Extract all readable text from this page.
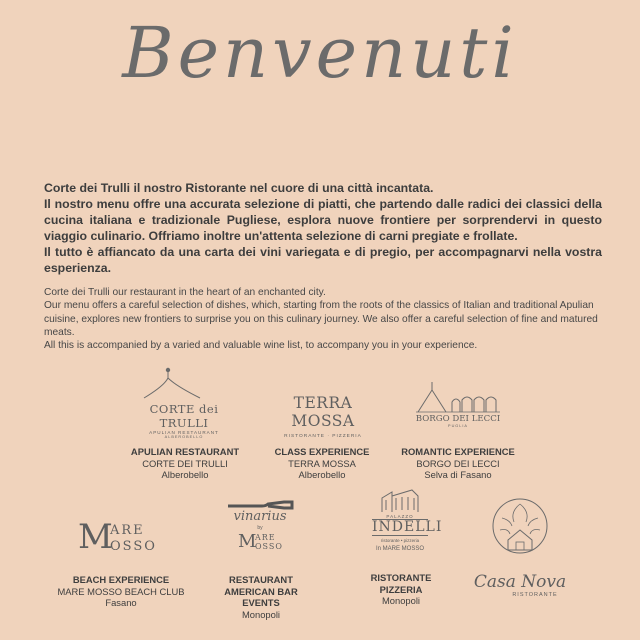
Benvenuti

Corte dei Trulli il nostro Ristorante nel cuore di una città incantata.

Il nostro menu offre una accurata selezione di piatti, che partendo dalle radici dei classici della cucina italiana e tradizionale Pugliese, esplora nuove frontiere per sorprendervi in questo viaggio culinario. Offriamo inoltre un'attenta selezione di carni pregiate e frollate.

Il tutto è affiancato da una carta dei vini variegata e di pregio, per accompagnarvi nella vostra esperienza.

Corte dei Trulli our restaurant in the heart of an enchanted city.

Our menu offers a careful selection of dishes, which, starting from the roots of the classics of Italian and traditional Apulian cuisine, explores new frontiers to surprise you on this culinary journey. We also offer a careful selection of fine and matured meats.

All this is accompanied by a varied and valuable wine list, to accompany you in your experience.

CORTE dei TRULLI
APULIAN RESTAURANT
ALBEROBELLO
TERRA MOSSA
RISTORANTE · PIZZERIA
BORGO DEI LECCI
PUGLIA
APULIAN RESTAURANT
CORTE DEI TRULLI
Alberobello
CLASS EXPERIENCE
TERRA MOSSA
Alberobello
ROMANTIC EXPERIENCE
BORGO DEI LECCI
Selva di Fasano
M
ARE
OSSO
vinarius
by
M
ARE
OSSO
PALAZZO
INDELLI
ristorante • pizzeria
In MARE MOSSO
Casa Nova
RISTORANTE
BEACH EXPERIENCE
MARE MOSSO BEACH CLUB
Fasano
RESTAURANT
AMERICAN BAR
EVENTS
Monopoli
RISTORANTE
PIZZERIA
Monopoli
